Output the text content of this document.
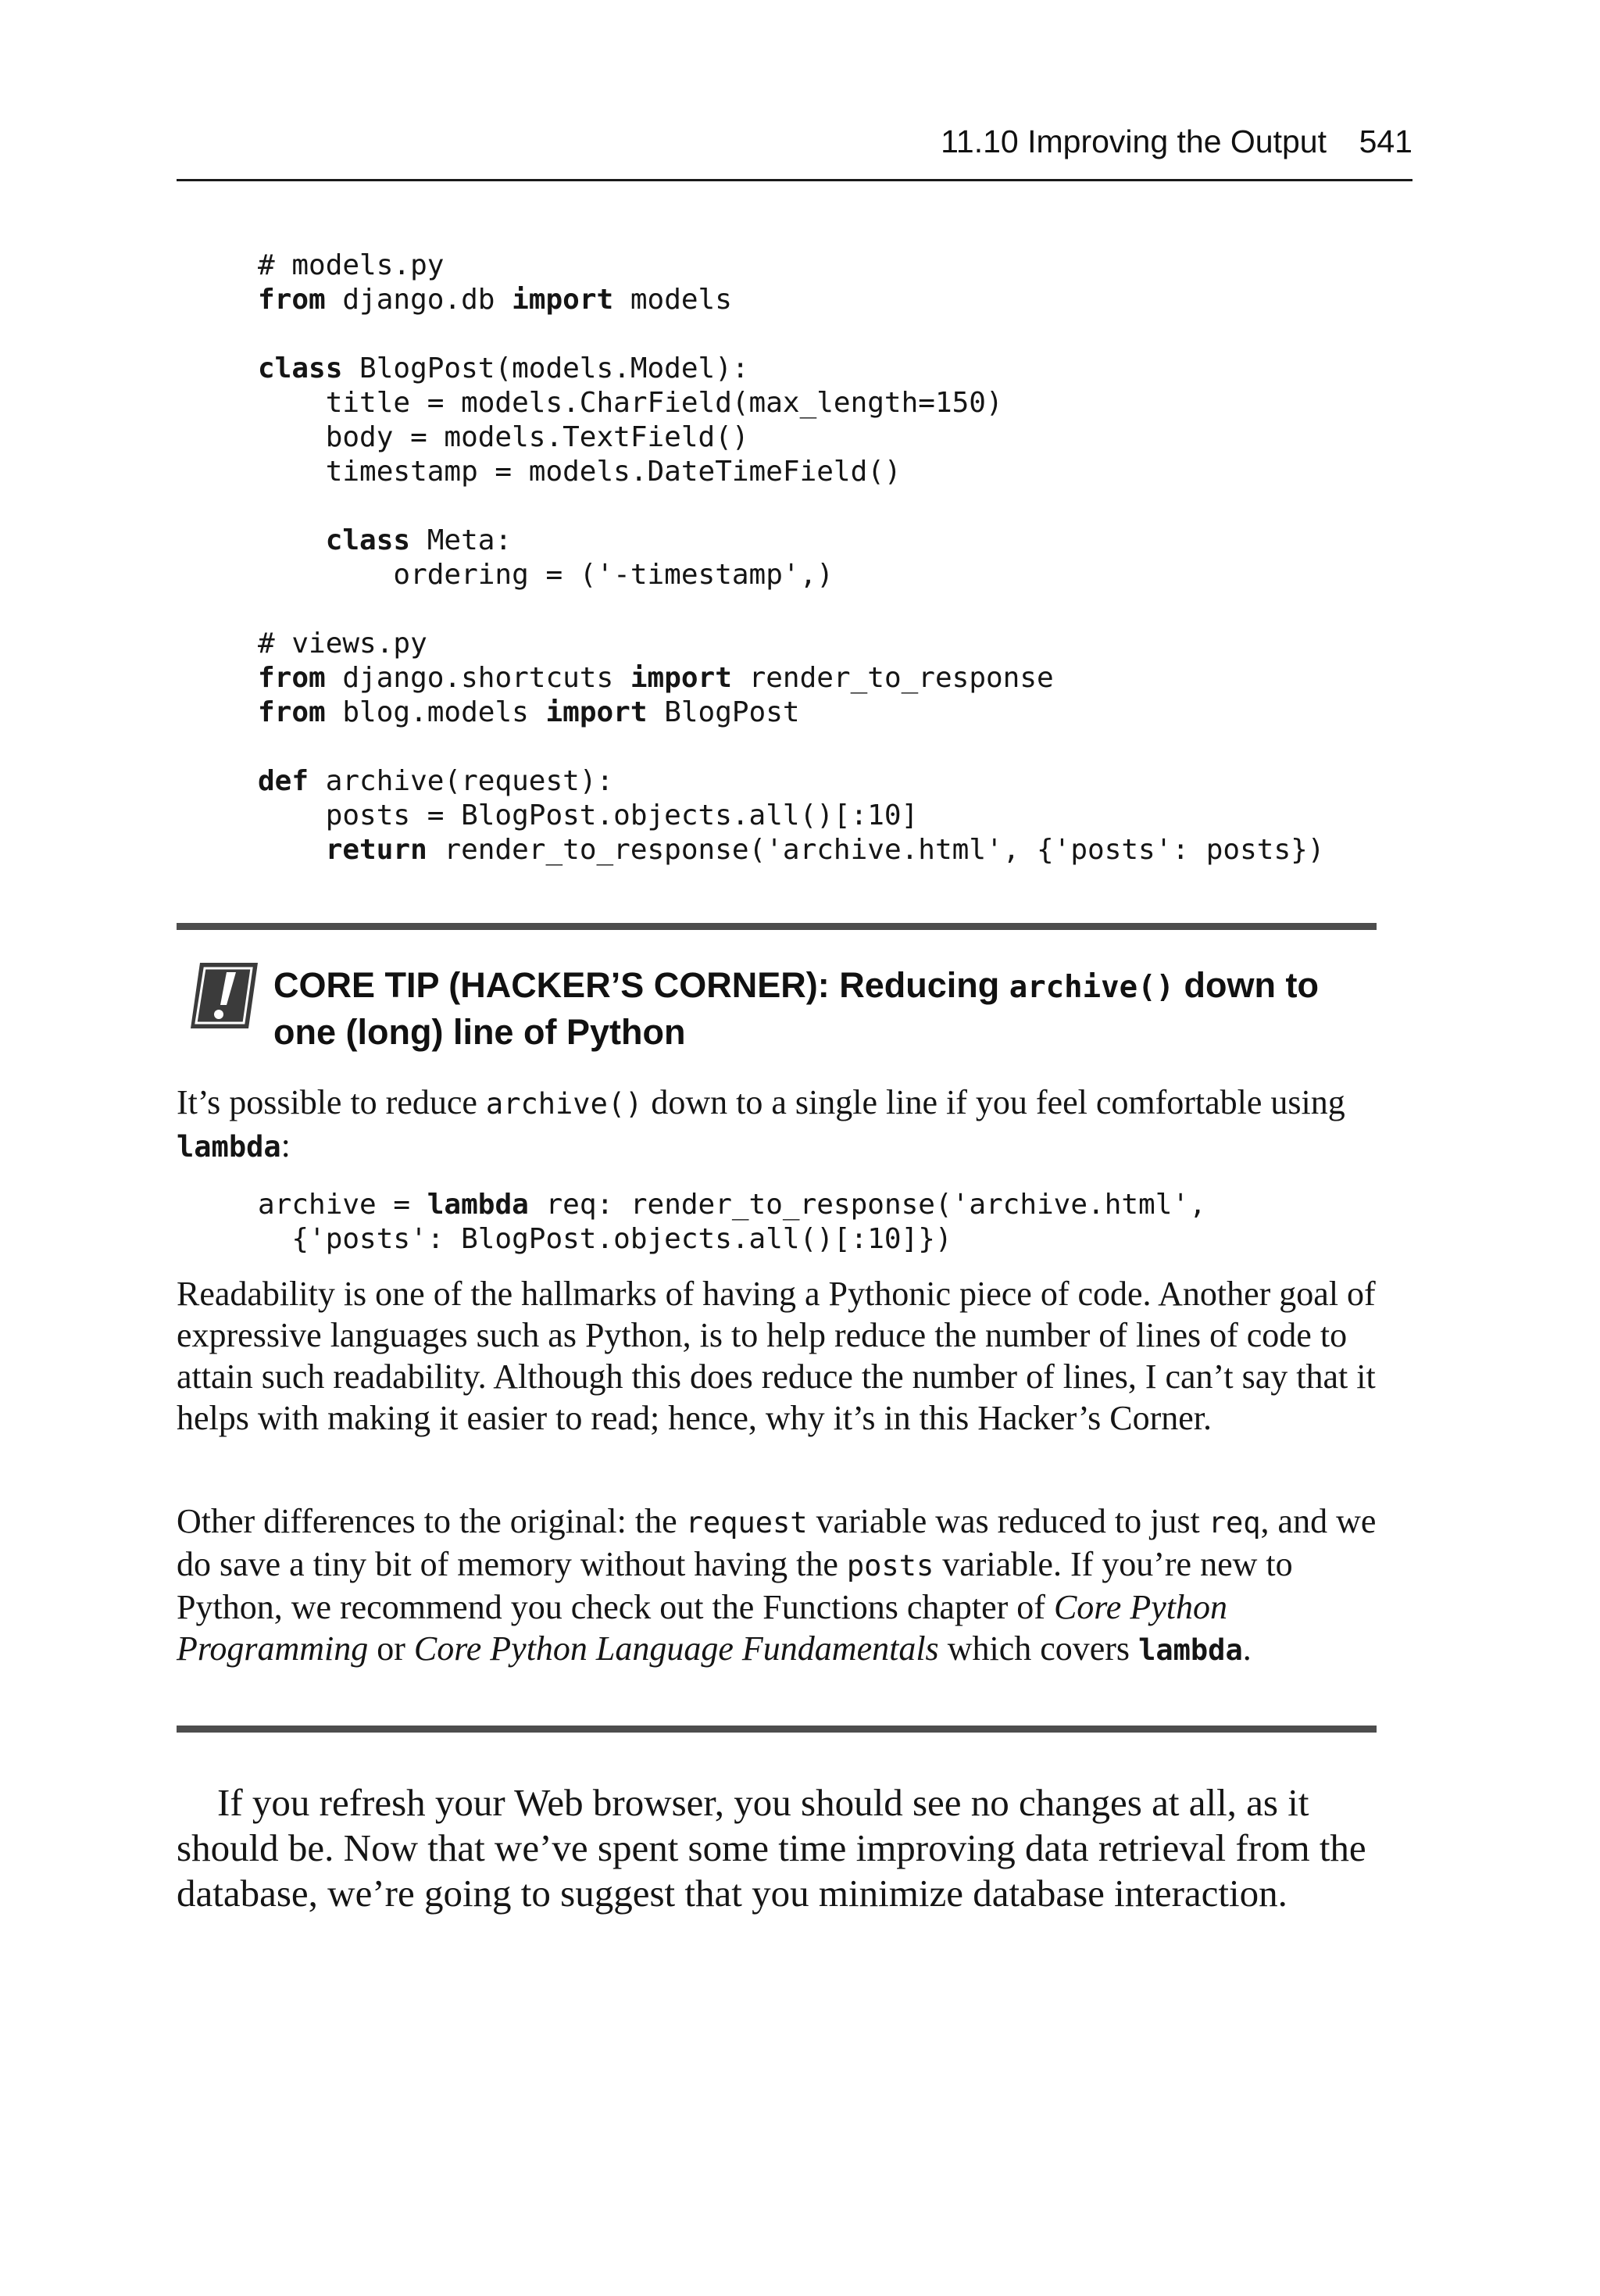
11.10 Improving the Output 541
# models.py
from django.db import models
class BlogPost(models.Model):
title = models.CharField(max_length=150)
body = models.TextField()
timestamp = models.DateTimeField()
class Meta:
ordering = ('-timestamp',)
# views.py
from django.shortcuts import render_to_response
from blog.models import BlogPost
def archive(request):
posts = BlogPost.objects.all()[:10]
return render_to_response('archive.html', {'posts': posts})
CORE TIP (HACKER’S CORNER): Reducing archive() down to one (long) line of Python
It’s possible to reduce archive() down to a single line if you feel comfortable using lambda:
archive = lambda req: render_to_response('archive.html',
{'posts': BlogPost.objects.all()[:10]})
Readability is one of the hallmarks of having a Pythonic piece of code. Another goal of expressive languages such as Python, is to help reduce the number of lines of code to attain such readability. Although this does reduce the number of lines, I can’t say that it helps with making it easier to read; hence, why it’s in this Hacker’s Corner.
Other differences to the original: the request variable was reduced to just req, and we do save a tiny bit of memory without having the posts variable. If you’re new to Python, we recommend you check out the Functions chapter of Core Python Programming or Core Python Language Fundamentals which covers lambda.
If you refresh your Web browser, you should see no changes at all, as it should be. Now that we’ve spent some time improving data retrieval from the database, we’re going to suggest that you minimize database interaction.
